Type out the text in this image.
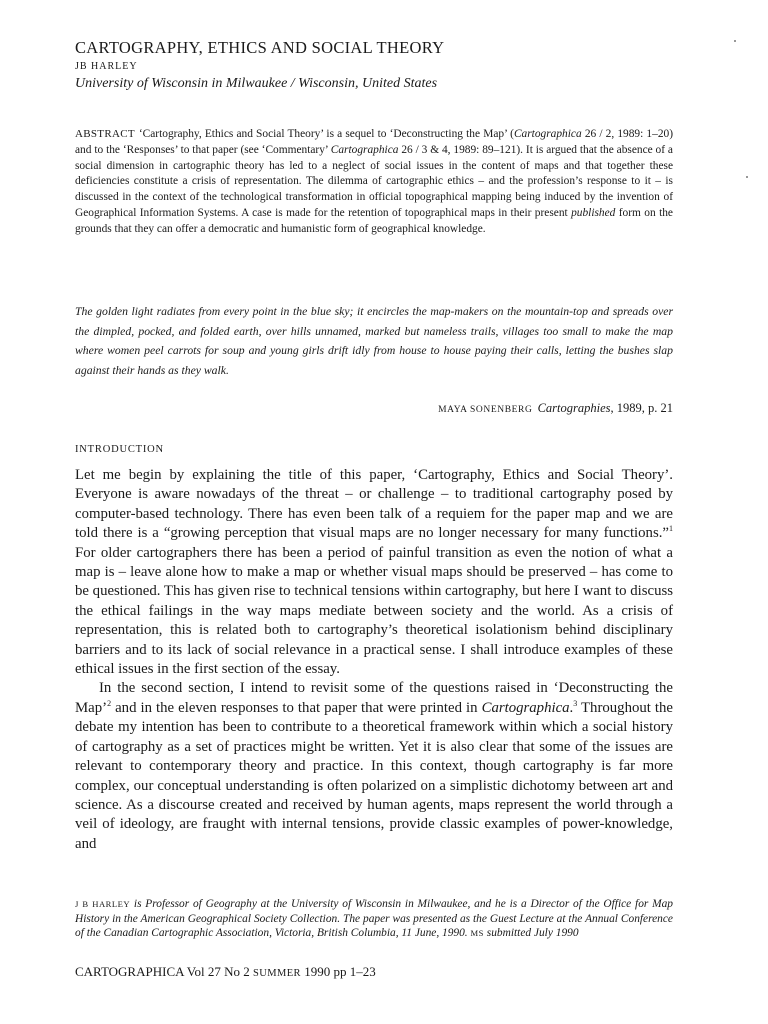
CARTOGRAPHY, ETHICS AND SOCIAL THEORY
JB HARLEY
University of Wisconsin in Milwaukee / Wisconsin, United States
ABSTRACT ‘Cartography, Ethics and Social Theory’ is a sequel to ‘Deconstructing the Map’ (Cartographica 26 / 2, 1989: 1–20) and to the ‘Responses’ to that paper (see ‘Commentary’ Cartographica 26 / 3 & 4, 1989: 89–121). It is argued that the absence of a social dimension in cartographic theory has led to a neglect of social issues in the content of maps and that together these deficiencies constitute a crisis of representation. The dilemma of cartographic ethics – and the profession’s response to it – is discussed in the context of the technological transformation in official topographical mapping being induced by the invention of Geographical Information Systems. A case is made for the retention of topographical maps in their present published form on the grounds that they can offer a democratic and humanistic form of geographical knowledge.
The golden light radiates from every point in the blue sky; it encircles the map-makers on the mountain-top and spreads over the dimpled, pocked, and folded earth, over hills unnamed, marked but nameless trails, villages too small to make the map where women peel carrots for soup and young girls drift idly from house to house paying their calls, letting the bushes slap against their hands as they walk.
MAYA SONENBERG Cartographies, 1989, p. 21
INTRODUCTION

Let me begin by explaining the title of this paper, ‘Cartography, Ethics and Social Theory’. Everyone is aware nowadays of the threat – or challenge – to traditional cartography posed by computer-based technology. There has even been talk of a requiem for the paper map and we are told there is a “growing perception that visual maps are no longer necessary for many functions.”$^1$ For older cartographers there has been a period of painful transition as even the notion of what a map is – leave alone how to make a map or whether visual maps should be preserved – has come to be questioned. This has given rise to technical tensions within cartography, but here I want to discuss the ethical failings in the way maps mediate between society and the world. As a crisis of representation, this is related both to cartography’s theoretical isolationism behind disciplinary barriers and to its lack of social relevance in a practical sense. I shall introduce examples of these ethical issues in the first section of the essay.

In the second section, I intend to revisit some of the questions raised in ‘Deconstructing the Map’$^2$ and in the eleven responses to that paper that were printed in Cartographica.$^3$ Throughout the debate my intention has been to contribute to a theoretical framework within which a social history of cartography as a set of practices might be written. Yet it is also clear that some of the issues are relevant to contemporary theory and practice. In this context, though cartography is far more complex, our conceptual understanding is often polarized on a simplistic dichotomy between art and science. As a discourse created and received by human agents, maps represent the world through a veil of ideology, are fraught with internal tensions, provide classic examples of power-knowledge, and

J B HARLEY is Professor of Geography at the University of Wisconsin in Milwaukee, and he is a Director of the Office for Map History in the American Geographical Society Collection. The paper was presented as the Guest Lecture at the Annual Conference of the Canadian Cartographic Association, Victoria, British Columbia, 11 June, 1990. MS submitted July 1990
CARTOGRAPHICA Vol 27 No 2 SUMMER 1990 pp 1–23
